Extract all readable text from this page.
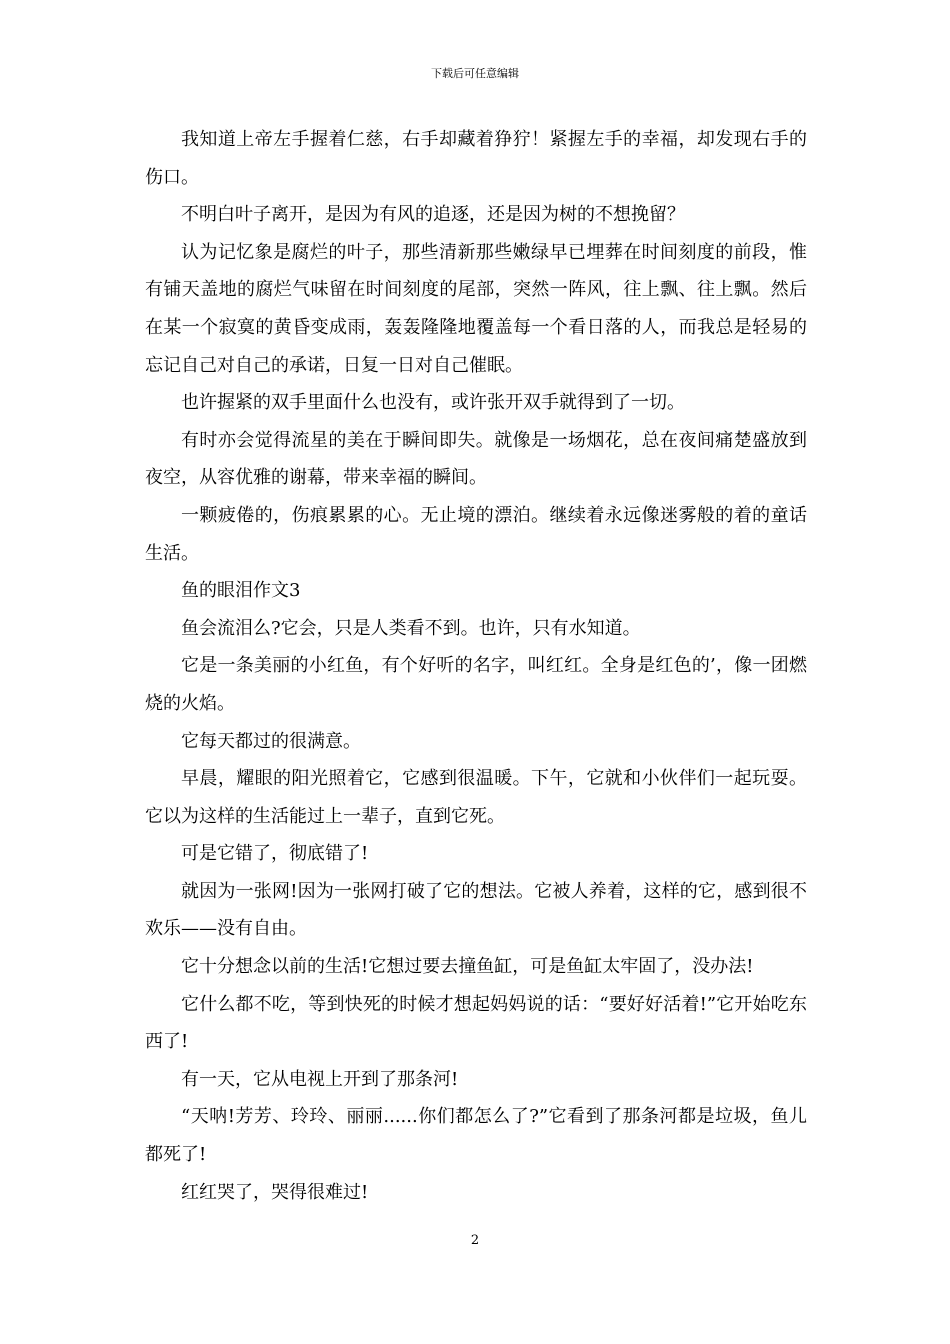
下载后可任意编辑

我知道上帝左手握着仁慈，右手却藏着狰狞！紧握左手的幸福，却发现右手的伤口。

不明白叶子离开，是因为有风的追逐，还是因为树的不想挽留？

认为记忆象是腐烂的叶子，那些清新那些嫩绿早已埋葬在时间刻度的前段，惟有铺天盖地的腐烂气味留在时间刻度的尾部，突然一阵风，往上飘、往上飘。然后在某一个寂寞的黄昏变成雨，轰轰隆隆地覆盖每一个看日落的人，而我总是轻易的忘记自己对自己的承诺，日复一日对自己催眠。

也许握紧的双手里面什么也没有，或许张开双手就得到了一切。

有时亦会觉得流星的美在于瞬间即失。就像是一场烟花，总在夜间痛楚盛放到夜空，从容优雅的谢幕，带来幸福的瞬间。

一颗疲倦的，伤痕累累的心。无止境的漂泊。继续着永远像迷雾般的着的童话生活。

鱼的眼泪作文3

鱼会流泪么?它会，只是人类看不到。也许，只有水知道。

它是一条美丽的小红鱼，有个好听的名字，叫红红。全身是红色的’，像一团燃烧的火焰。

它每天都过的很满意。

早晨，耀眼的阳光照着它，它感到很温暖。下午，它就和小伙伴们一起玩耍。它以为这样的生活能过上一辈子，直到它死。

可是它错了，彻底错了!

就因为一张网!因为一张网打破了它的想法。它被人养着，这样的它，感到很不欢乐——没有自由。

它十分想念以前的生活!它想过要去撞鱼缸，可是鱼缸太牢固了，没办法!

它什么都不吃，等到快死的时候才想起妈妈说的话：“要好好活着!”它开始吃东西了!

有一天，它从电视上开到了那条河!

“天呐!芳芳、玲玲、丽丽......你们都怎么了?”它看到了那条河都是垃圾，鱼儿都死了!

红红哭了，哭得很难过!

2
